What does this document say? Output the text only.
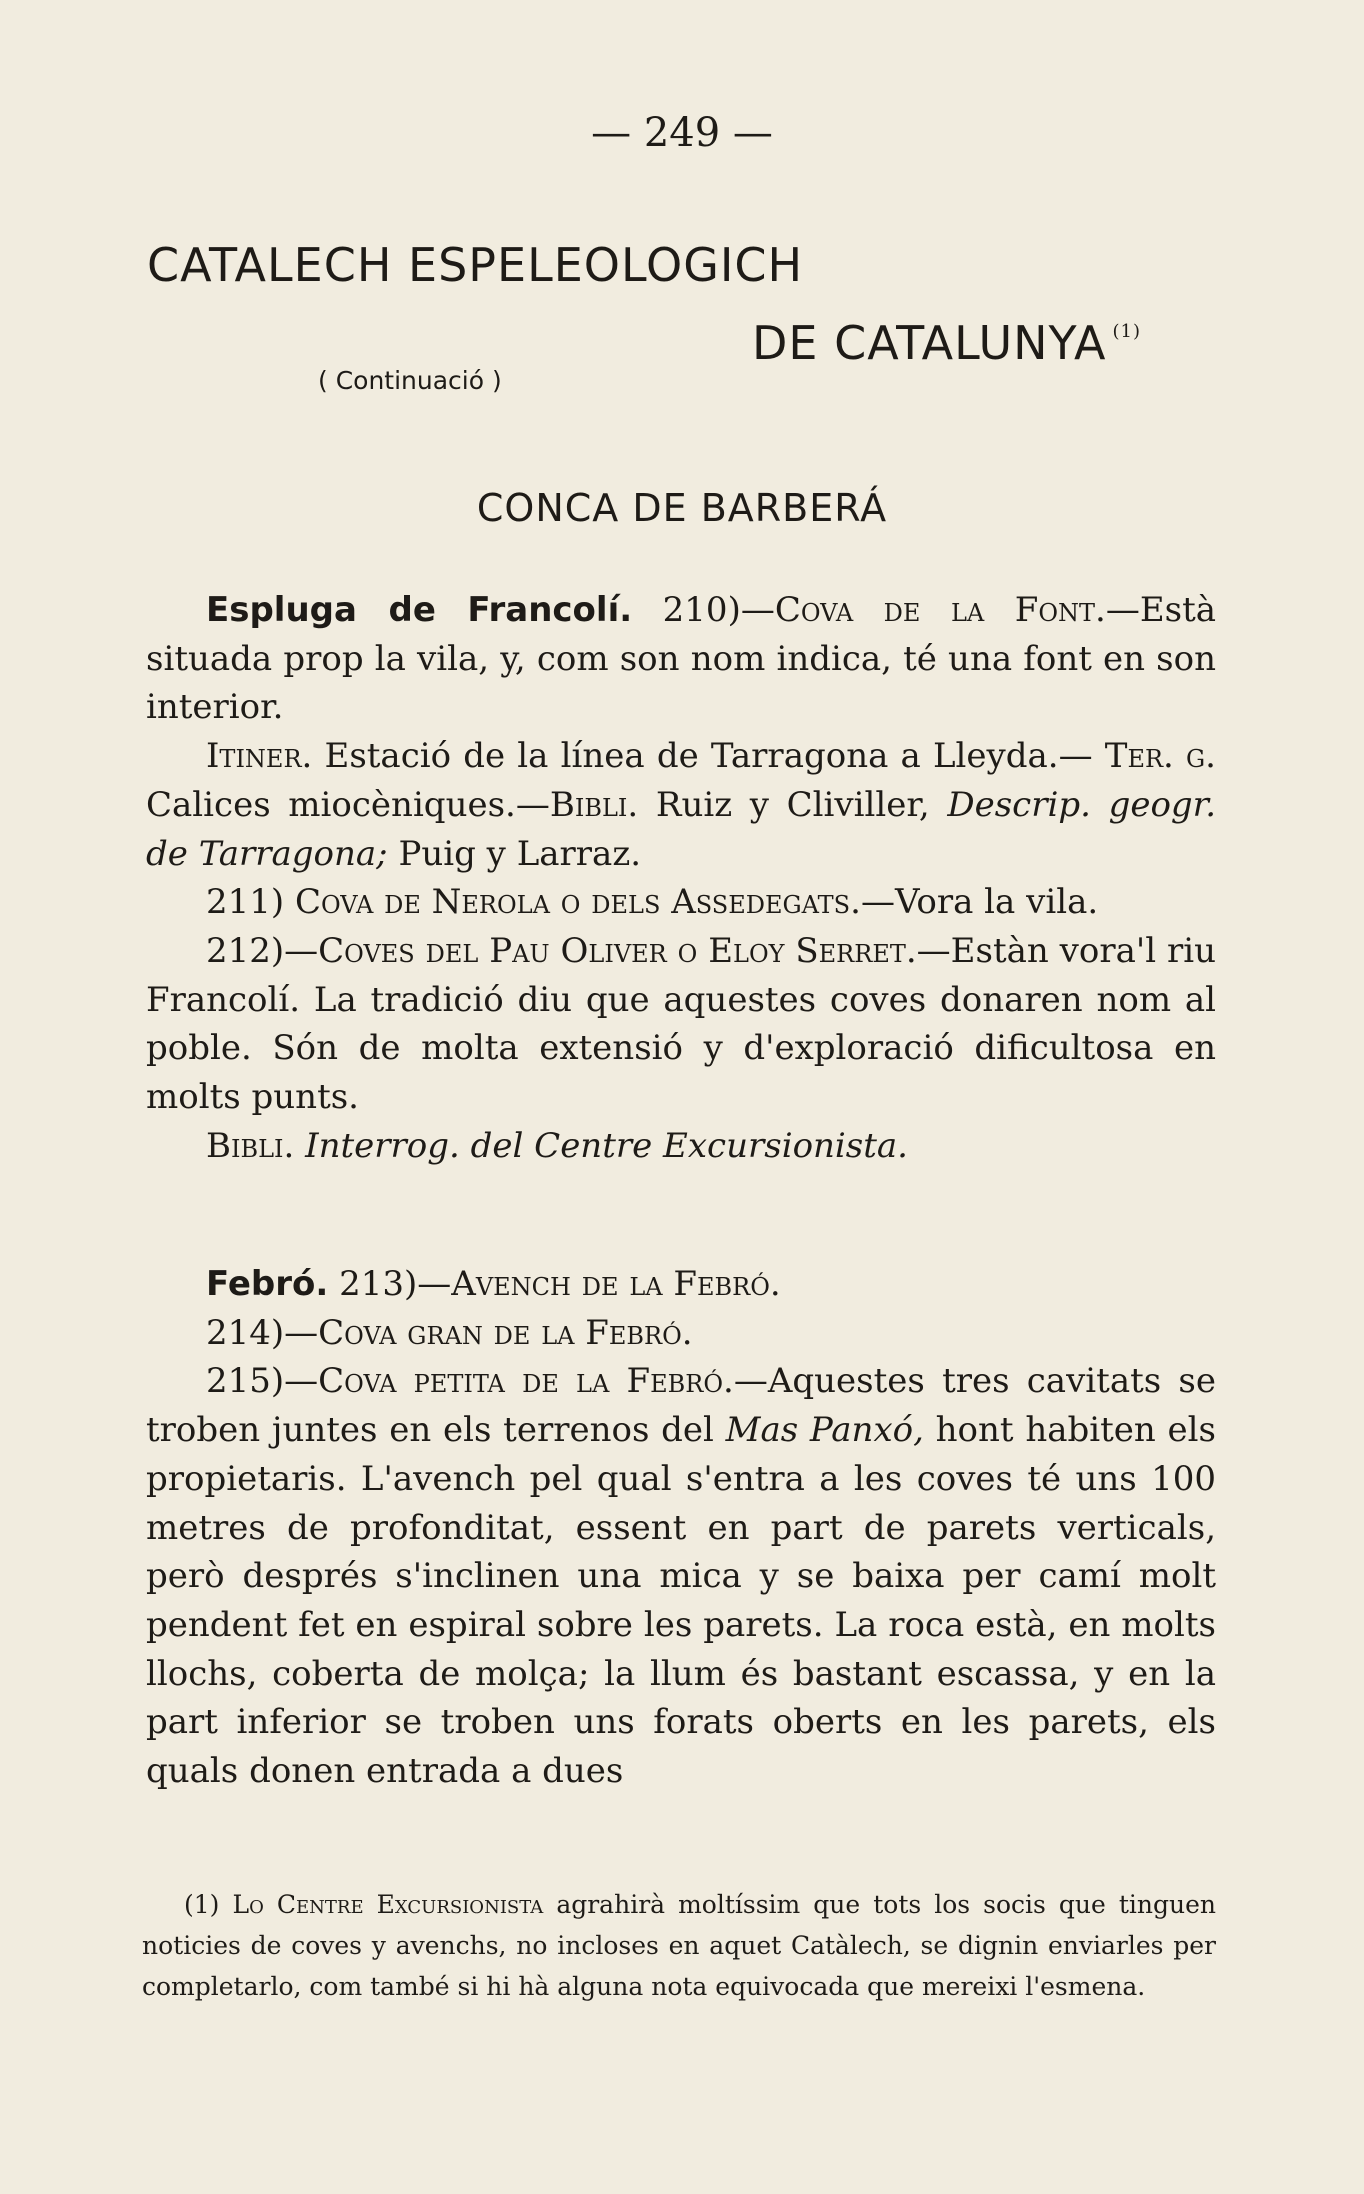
— 249 —
CATALECH ESPELEOLOGICH
DE CATALUNYA $^{(1)}$
( Continuació )
CONCA DE BARBERÁ

Espluga de Francolí. 210)—Cova de la Font.—Està situada prop la vila, y, com son nom indica, té una font en son interior.

Itiner. Estació de la línea de Tarragona a Lleyda.— Ter. g. Calices miocèniques.—Bibli. Ruiz y Cliviller, Descrip. geogr. de Tarragona; Puig y Larraz.

211) Cova de Nerola o dels Assedegats.—Vora la vila.

212)—Coves del Pau Oliver o Eloy Serret.—Estàn vora'l riu Francolí. La tradició diu que aquestes coves donaren nom al poble. Són de molta extensió y d'exploració dificultosa en molts punts.

Bibli. Interrog. del Centre Excursionista.

Febró. 213)—Avench de la Febró.

214)—Cova gran de la Febró.

215)—Cova petita de la Febró.—Aquestes tres cavitats se troben juntes en els terrenos del Mas Panxó, hont habiten els propietaris. L'avench pel qual s'entra a les coves té uns 100 metres de profonditat, essent en part de parets verticals, però després s'inclinen una mica y se baixa per camí molt pendent fet en espiral sobre les parets. La roca està, en molts llochs, coberta de molça; la llum és bastant escassa, y en la part inferior se troben uns forats oberts en les parets, els quals donen entrada a dues

(1) Lo Centre Excursionista agrahirà moltíssim que tots los socis que tinguen noticies de coves y avenchs, no incloses en aquet Catàlech, se dignin enviarles per completarlo, com també si hi hà alguna nota equivocada que mereixi l'esmena.
